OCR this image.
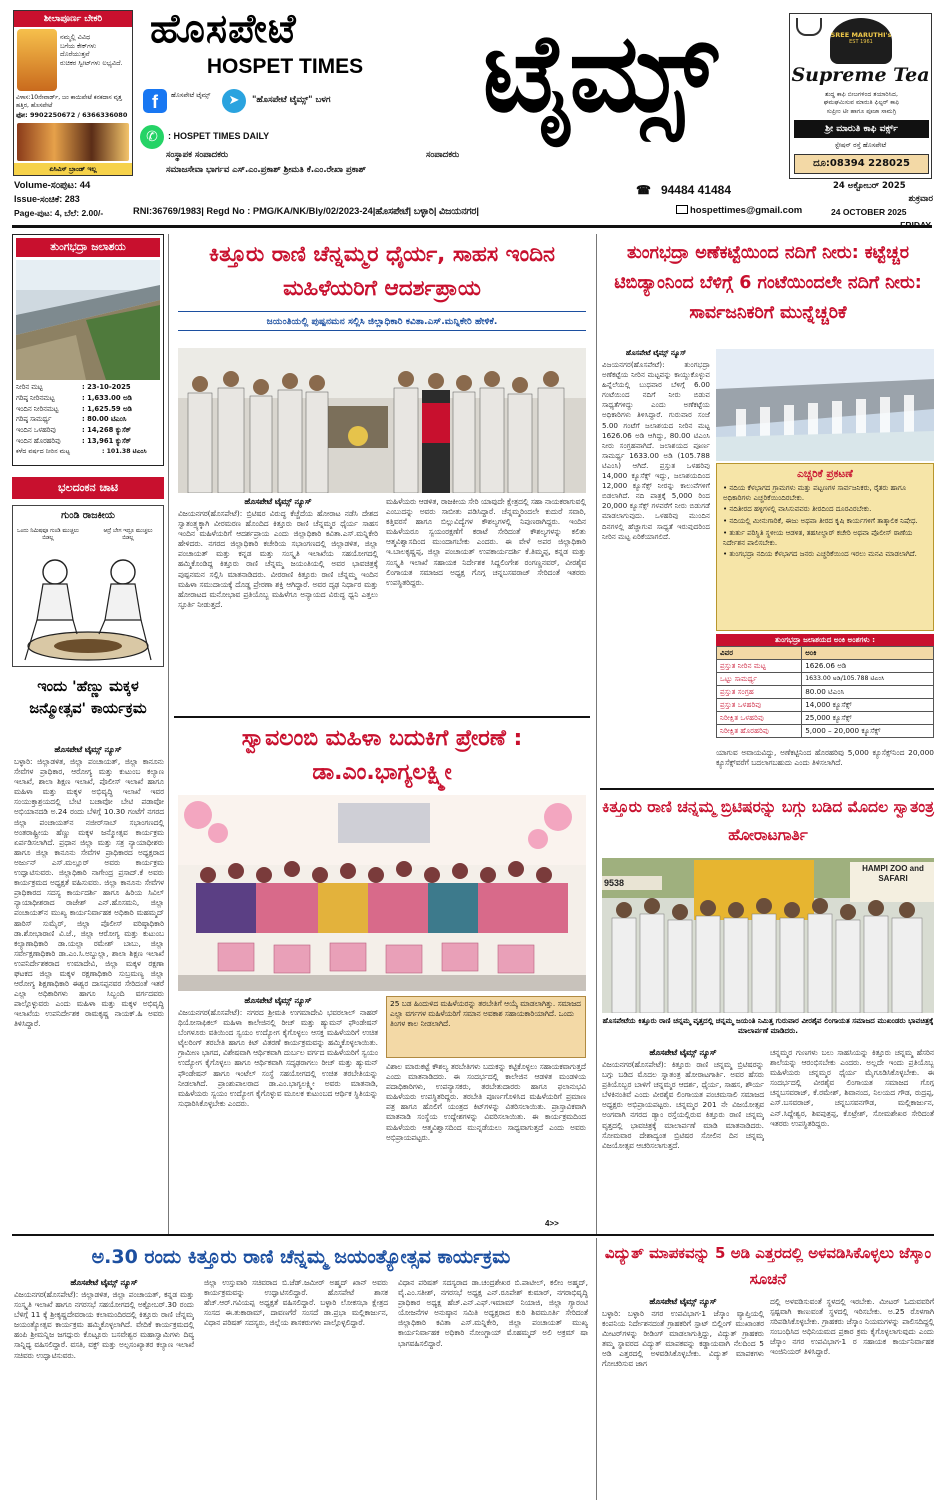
ಶೀಲಾಪೂರ್ಣ ಬೇಕರಿ
ನಮ್ಮಲ್ಲಿ ವಿವಿಧ
ಬಗೆಯ ಕೇಕ್‌ಗಳು
ದೊರೆಯುತ್ತವೆ
ರುಚಿಕರ ಸ್ವೀಟ್‌ಗಳು ಲಭ್ಯವಿದೆ.
ವಿಳಾಸ:10ನೇವಾರ್ಡ್, ಜಂ ಕಾಯಿಪೇಟೆ ಕನಕದಾಸ ವೃತ್ತ ಹತ್ತಿರ, ಹೊಸಪೇಟೆ
ಫೋ: 9902250672 / 6366336080
ಏಸಿವಿಸ್ ಬ್ರಾಂಡ್ ಇಲ್ಲ
ಹೊಸಪೇಟೆ
HOSPET TIMES	ಟೈಮ್ಸ್
f	ಹೊಸಪೇಟೆ ಟೈಮ್ಸ್	➤	"ಹೊಸಪೇಟೆ ಟೈಮ್ಸ್" ಬಳಗ
✆	: HOSPET TIMES DAILY
SREE MARUTHI's
EST 1961
Supreme Tea
ಶುದ್ಧ ಕಾಫಿ ಬೀಜಗಳಿಂದ ತಯಾರಿಸಿದ,
ಘಮಘಮಿಸುವ ಮಾರುತಿ ಫಿಲ್ಟರ್ ಕಾಫಿ
ಸುಪ್ರೀಂ ಟೀ ಹಾಗೂ ಪೂಜಾ ಸಾಮಗ್ರಿ
ಶ್ರೀ ಮಾರುತಿ ಕಾಫಿ ವರ್ಕ್ಸ್
ಸ್ಟೇಷನ್ ರಸ್ತೆ ಹೊಸಪೇಟೆ
ದೂ:08394 228025
ಸಂಸ್ಥಾಪಕ ಸಂಪಾದಕರು	ಸಂಪಾದಕರು
ಸಮಾಜಸೇವಾ ಭಾರ್ಗವ ಎಸ್.ಎಂ.ಪ್ರಕಾಶ್ ಶ್ರೀಮತಿ ಕೆ.ಎಂ.ರೇಖಾ ಪ್ರಕಾಶ್
☎ 94484 41484	24 ಅಕ್ಟೋಬರ್ 2025
ಶುಕ್ರವಾರ
24 OCTOBER 2025
Volume-ಸಂಪುಟ: 44
Issue-ಸಂಚಿಕೆ: 283
Page-ಪುಟ: 4, ಬೆಲೆ: 2.00/-	RNI:36769/1983| Regd No : PMG/KA/NK/Bly/02/2023-24|ಹೊಸಪೇಟೆ| ಬಳ್ಳಾರಿ| ವಿಜಯನಗರ|	hospettimes@gmail.com
ತುಂಗಭದ್ರಾ ಜಲಾಶಯ
ನೀರಿನ ಮಟ್ಟ	: 23-10-2025
ಗರಿಷ್ಠ ನೀರಿನಮಟ್ಟ	: 1,633.00 ಅಡಿ
ಇಂದಿನ ನೀರಿನಮಟ್ಟ	: 1,625.59 ಅಡಿ
ಗರಿಷ್ಠ ಸಾಮರ್ಥ್ಯ	: 80.00 ಟಿಎಂಸಿ
ಇಂದಿನ ಒಳಹರಿವು	: 14,268 ಕ್ಯುಸೆಕ್
ಇಂದಿನ ಹೊರಹರಿವು	: 13,961 ಕ್ಯುಸೆಕ್
ಕಳೆದ ವರ್ಷದ ನೀರಿನ ಮಟ್ಟ	: 101.38 ಟಿಎಂಸಿ
ಭಲದಂಕನ ಚಾಟಿ
ಗುಂಡಿ ರಾಜಕೀಯ
ಒಂದು ನಿಮಿಷವೂ ಗುಂಡಿ ಮುಚ್ಚಲು ಬಿಡಲ್ಲ
ಆದ್ರೆ ಬೇಗ ಇದ್ರೂ ಮುಚ್ಚಲು ಬಿಡಲ್ಲ
ಇಂದು 'ಹೆಣ್ಣು ಮಕ್ಕಳ ಜನ್ಮೋತ್ಸವ' ಕಾರ್ಯಕ್ರಮ
ಹೊಸಪೇಟೆ ಟೈಮ್ಸ್ ನ್ಯೂಸ್
ಬಳ್ಳಾರಿ: ಜಿಲ್ಲಾಡಳಿತ, ಜಿಲ್ಲಾ ಪಂಚಾಯತ್, ಜಿಲ್ಲಾ ಕಾನೂನು ಸೇವೆಗಳ ಪ್ರಾಧಿಕಾರ, ಆರೋಗ್ಯ ಮತ್ತು ಕುಟುಂಬ ಕಲ್ಯಾಣ ಇಲಾಖೆ, ಶಾಲಾ ಶಿಕ್ಷಣ ಇಲಾಖೆ, ಪೊಲೀಸ್ ಇಲಾಖೆ ಹಾಗೂ ಮಹಿಳಾ ಮತ್ತು ಮಕ್ಕಳ ಅಭಿವೃದ್ಧಿ ಇಲಾಖೆ ಇವರ ಸಂಯುಕ್ತಾಶ್ರಯದಲ್ಲಿ ಬೇಟಿ ಬಚಾವೋ ಬೇಟಿ ಪಡಾವೋ ಅಭಿಯಾನದಡಿ ಅ.24 ರಂದು ಬೆಳಿಗ್ಗೆ 10.30 ಗಂಟೆಗೆ ನಗರದ ಜಿಲ್ಲಾ ಪಂಚಾಯತ್‌ನ ನಜೀರ್‌ಸಾಬ್ ಸಭಾಂಗಣದಲ್ಲಿ ಅಂತರಾಷ್ಟ್ರೀಯ ಹೆಣ್ಣು ಮಕ್ಕಳ ಜನ್ಮೋತ್ಸವ ಕಾರ್ಯಕ್ರಮ ಏರ್ಪಡಿಸಲಾಗಿದೆ. ಪ್ರಧಾನ ಜಿಲ್ಲಾ ಮತ್ತು ಸತ್ರ ನ್ಯಾಯಾಧೀಶರು ಹಾಗೂ ಜಿಲ್ಲಾ ಕಾನೂನು ಸೇವೆಗಳ ಪ್ರಾಧಿಕಾರದ ಅಧ್ಯಕ್ಷರಾದ ಅರ್ಜುನ್ ಎಸ್.ಮಲ್ಲೂರ್ ಅವರು ಕಾರ್ಯಕ್ರಮ ಉದ್ಘಾಟಿಸುವರು. ಜಿಲ್ಲಾಧಿಕಾರಿ ನಾಗೇಂದ್ರ ಪ್ರಸಾದ್.ಕೆ ಅವರು ಕಾರ್ಯಕ್ರಮದ ಅಧ್ಯಕ್ಷತೆ ವಹಿಸುವರು. ಜಿಲ್ಲಾ ಕಾನೂನು ಸೇವೆಗಳ ಪ್ರಾಧಿಕಾರದ ಸದಸ್ಯ ಕಾರ್ಯದರ್ಶಿ ಹಾಗೂ ಹಿರಿಯ ಸಿವಿಲ್ ನ್ಯಾಯಾಧೀಶರಾದ ರಾಜೇಶ್ ಎನ್.ಹೊಸಮನಿ, ಜಿಲ್ಲಾ ಪಂಚಾಯತ್‌ನ ಮುಖ್ಯ ಕಾರ್ಯನಿರ್ವಾಹಕ ಅಧಿಕಾರಿ ಮಹಮ್ಮದ್ ಹಾರಿಸ್ ಸುಮೈರ್, ಜಿಲ್ಲಾ ಪೊಲೀಸ್ ವರಿಷ್ಠಾಧಿಕಾರಿ ಡಾ.ಶೋಭಾರಾಣಿ ವಿ.ಜೆ., ಜಿಲ್ಲಾ ಆರೋಗ್ಯ ಮತ್ತು ಕುಟುಂಬ ಕಲ್ಯಾಣಾಧಿಕಾರಿ ಡಾ.ಯಲ್ಲಾ ರಮೇಶ್ ಬಾಬು, ಜಿಲ್ಲಾ ಸರ್ವೇಕ್ಷಣಾಧಿಕಾರಿ ಡಾ.ಎಂ.ಸಿ.ಅಬ್ದುಲ್ಲಾ, ಶಾಲಾ ಶಿಕ್ಷಣ ಇಲಾಖೆ ಉಪನಿರ್ದೇಶಕರಾದ ಉಮಾದೇವಿ, ಜಿಲ್ಲಾ ಮಕ್ಕಳ ರಕ್ಷಣಾ ಘಟಕದ ಜಿಲ್ಲಾ ಮಕ್ಕಳ ರಕ್ಷಣಾಧಿಕಾರಿ ಸುಬ್ರಮಣ್ಯ ಜಿಲ್ಲಾ ಆರೋಗ್ಯ ಶಿಕ್ಷಣಾಧಿಕಾರಿ ಈಶ್ವರ ದಾಸಪ್ಪನವರ ಸೇರಿದಂತೆ ಇತರೆ ಎಲ್ಲಾ ಅಧಿಕಾರಿಗಳು ಹಾಗೂ ಸಿಬ್ಬಂದಿ ವರ್ಗದವರು ಪಾಲ್ಗೊಳ್ಳುವರು ಎಂದು ಮಹಿಳಾ ಮತ್ತು ಮಕ್ಕಳ ಅಭಿವೃದ್ಧಿ ಇಲಾಖೆಯ ಉಪನಿರ್ದೇಶಕ ರಾಮಕೃಷ್ಣ ನಾಯಕ್.ಹಿ ಅವರು ತಿಳಿಸಿದ್ದಾರೆ.
ಕಿತ್ತೂರು ರಾಣಿ ಚೆನ್ನಮ್ಮರ ಧೈರ್ಯ, ಸಾಹಸ ಇಂದಿನ ಮಹಿಳೆಯರಿಗೆ ಆದರ್ಶಪ್ರಾಯ
ಜಯಂತಿಯಲ್ಲಿ ಪುಷ್ಪನಮನ ಸಲ್ಲಿಸಿ ಜಿಲ್ಲಾಧಿಕಾರಿ ಕವಿತಾ.ಎಸ್.ಮನ್ನಿಕೇರಿ ಹೇಳಿಕೆ.
ಹೊಸಪೇಟೆ ಟೈಮ್ಸ್ ನ್ಯೂಸ್
ವಿಜಯನಗರ(ಹೊಸಪೇಟೆ): ಬ್ರಿಟಿಷರ ವಿರುದ್ಧ ಕೆಚ್ಚೆದೆಯ ಹೋರಾಟ ನಡೆಸಿ ದೇಶದ ಸ್ವಾತಂತ್ರ್ಯಕ್ಕಾಗಿ ವೀರಮರಣ ಹೊಂದಿದ ಕಿತ್ತೂರು ರಾಣಿ ಚೆನ್ನಮ್ಮರ ಧೈರ್ಯ ಸಾಹಸ ಇಂದಿನ ಮಹಿಳೆಯರಿಗೆ ಆದರ್ಶಪ್ರಾಯ ಎಂದು ಜಿಲ್ಲಾಧಿಕಾರಿ ಕವಿತಾ.ಎಸ್.ಮನ್ನಿಕೇರಿ ಹೇಳಿದರು. ನಗರದ ಜಿಲ್ಲಾಧಿಕಾರಿ ಕಚೇರಿಯ ಸಭಾಂಗಣದಲ್ಲಿ ಜಿಲ್ಲಾಡಳಿತ, ಜಿಲ್ಲಾ ಪಂಚಾಯತ್ ಮತ್ತು ಕನ್ನಡ ಮತ್ತು ಸಂಸ್ಕೃತಿ ಇಲಾಖೆಯ ಸಹಯೋಗದಲ್ಲಿ ಹಮ್ಮಿಕೊಂಡಿದ್ದ ಕಿತ್ತೂರು ರಾಣಿ ಚೆನ್ನಮ್ಮ ಜಯಂತಿಯಲ್ಲಿ ಅವರ ಭಾವಚಿತ್ರಕ್ಕೆ ಪುಷ್ಪನಮನ ಸಲ್ಲಿಸಿ ಮಾತನಾಡಿದರು. ವೀರರಾಣಿ ಕಿತ್ತೂರು ರಾಣಿ ಚೆನ್ನಮ್ಮ ಇಂದಿನ ಮಹಿಳಾ ಸಮುದಾಯಕ್ಕೆ ದೊಡ್ಡ ಪ್ರೇರಣಾ ಶಕ್ತಿ ಆಗಿದ್ದಾರೆ. ಅವರ ದೃಢ ನಿರ್ಧಾರ ಮತ್ತು ಹೋರಾಟದ ಮನೋಭಾವ ಪ್ರತಿಯೊಬ್ಬ ಮಹಿಳೆಗೂ ಅನ್ಯಾಯದ ವಿರುದ್ಧ ಧ್ವನಿ ಎತ್ತಲು ಸ್ಫೂರ್ತಿ ನೀಡುತ್ತದೆ.
ಮಹಿಳೆಯರು ಆಡಳಿತ, ರಾಜಕೀಯ ಸೇರಿ ಯಾವುದೇ ಕ್ಷೇತ್ರದಲ್ಲಿ ಸಹಾ ನಾಯಕರಾಗುವಲ್ಲಿ ಎಂಬುದನ್ನು ಅವರು ಸಾಬೀತು ಪಡಿಸಿದ್ದಾರೆ. ಚೆನ್ನಮ್ಮರಿಂದಲೇ ಕುದುರೆ ಸವಾರಿ, ಕತ್ತಿವರಸೆ ಹಾಗೂ ಬಿಲ್ಲುವಿದ್ಯೆಗಳ ಕೌಶಲ್ಯಗಳಲ್ಲಿ ನಿಪುಣರಾಗಿದ್ದರು. ಇಂದಿನ ಮಹಿಳೆಯರೂ ಸ್ವಯಂರಕ್ಷಣೆಗೆ ಕರಾಟೆ ಸೇರಿದಂತೆ ಕೌಶಲ್ಯಗಳನ್ನು ಕಲಿತು ಆತ್ಮವಿಶ್ವಾಸದಿಂದ ಮುಂದಾಗಬೇಕು ಎಂದರು. ಈ ವೇಳೆ ಅಪರ ಜಿಲ್ಲಾಧಿಕಾರಿ ಇ.ಬಾಲಕೃಷ್ಣಪ್ಪ, ಜಿಲ್ಲಾ ಪಂಚಾಯತ್ ಉಪಕಾರ್ಯದರ್ಶಿ ಕೆ.ತಿಮ್ಮಪ್ಪ, ಕನ್ನಡ ಮತ್ತು ಸಂಸ್ಕೃತಿ ಇಲಾಖೆ ಸಹಾಯಕ ನಿರ್ದೇಶಕ ಸಿದ್ದಲಿಂಗೇಶ ರಂಗಣ್ಣನವರ್, ವೀರಶೈವ ಲಿಂಗಾಯತ ಸಮಾಜದ ಅಧ್ಯಕ್ಷ ಗೊಗ್ಗ ಚನ್ನಬಸವರಾಜ್ ಸೇರಿದಂತೆ ಇತರರು ಉಪಸ್ಥಿತರಿದ್ದರು.
ಸ್ವಾವಲಂಬಿ ಮಹಿಳಾ ಬದುಕಿಗೆ ಪ್ರೇರಣೆ : ಡಾ.ಎಂ.ಭಾಗ್ಯಲಕ್ಷ್ಮೀ
ಹೊಸಪೇಟೆ ಟೈಮ್ಸ್ ನ್ಯೂಸ್
ವಿಜಯನಗರ(ಹೊಸಪೇಟೆ): ನಗರದ ಶ್ರೀಮತಿ ಉಗಮಾದೇವಿ ಭವರಲಾಲ್ ನಾಹರ್ ಥಿಯೋಸಾಫಿಕಲ್ ಮಹಿಳಾ ಕಾಲೇಜಿನಲ್ಲಿ ರೀಚ್ ಮತ್ತು ಹ್ಯುಮನ್ ಫೌಂಡೇಷನ್ ಬೆಂಗಳೂರು ವತಿಯಿಂದ ಸ್ವಯಂ ಉದ್ಯೋಗ ಕೈಗೊಳ್ಳಲು ಆಸಕ್ತ ಮಹಿಳೆಯರಿಗೆ ಉಚಿತ ಟೈಲರಿಂಗ್ ತರಬೇತಿ ಹಾಗೂ ಕಿಟ್ ವಿತರಣೆ ಕಾರ್ಯಕ್ರಮವನ್ನು ಹಮ್ಮಿಕೊಳ್ಳಲಾಯಿತು. ಗ್ರಾಮೀಣ ಭಾಗದ, ವಿಶೇಷವಾಗಿ ಆರ್ಥಿಕವಾಗಿ ದುರ್ಬಲ ವರ್ಗದ ಮಹಿಳೆಯರಿಗೆ ಸ್ವಯಂ ಉದ್ಯೋಗ ಕೈಗೊಳ್ಳಲು ಹಾಗೂ ಆರ್ಥಿಕವಾಗಿ ಸದೃಢರಾಗಲು ರೀಚ್ ಮತ್ತು ಹ್ಯುಮನ್ ಫೌಂಡೇಷನ್ ಹಾಗೂ ಇಂಟೆಲ್ ಸಂಸ್ಥೆ ಸಹಯೋಗದಲ್ಲಿ ಉಚಿತ ತರಬೇತಿಯನ್ನು ನೀಡಲಾಗಿದೆ. ಪ್ರಾಂಶುಪಾಲರಾದ ಡಾ.ಎಂ.ಭಾಗ್ಯಲಕ್ಷ್ಮೀ ಅವರು ಮಾತನಾಡಿ, ಮಹಿಳೆಯರು ಸ್ವಯಂ ಉದ್ಯೋಗ ಕೈಗೊಳ್ಳುವ ಮೂಲಕ ಕುಟುಂಬದ ಆರ್ಥಿಕ ಸ್ಥಿತಿಯನ್ನು ಸುಧಾರಿಸಿಕೊಳ್ಳಬೇಕು ಎಂದರು.
25 ಬಡ ಹಿಂದುಳಿದ ಮಹಿಳೆಯರನ್ನು ತರಬೇತಿಗೆ ಆಯ್ಕೆ ಮಾಡಲಾಗಿತ್ತು. ಸಮಾಜದ ಎಲ್ಲಾ ವರ್ಗಗಳ ಮಹಿಳೆಯರಿಗೆ ಸಮಾನ ಅವಕಾಶ ಸಹಾಯಕಾರಿಯಾಗಿದೆ. ಒಂದು ತಿಂಗಳ ಕಾಲ ನೀಡಲಾಗಿದೆ.
ವಿಶಾಲ ಮಾರುಕಟ್ಟೆ ಕೌಶಲ್ಯ ತರಬೇತಿಗಳು ಬದುಕನ್ನು ಕಟ್ಟಿಕೊಳ್ಳಲು ಸಹಾಯಕವಾಗುತ್ತದೆ ಎಂದು ಮಾತನಾಡಿದರು. ಈ ಸಂದರ್ಭದಲ್ಲಿ ಕಾಲೇಜಿನ ಆಡಳಿತ ಮಂಡಳಿಯ ಪದಾಧಿಕಾರಿಗಳು, ಉಪನ್ಯಾಸಕರು, ತರಬೇತುದಾರರು ಹಾಗೂ ಫಲಾನುಭವಿ ಮಹಿಳೆಯರು ಉಪಸ್ಥಿತರಿದ್ದರು. ತರಬೇತಿ ಪೂರ್ಣಗೊಳಿಸಿದ ಮಹಿಳೆಯರಿಗೆ ಪ್ರಮಾಣ ಪತ್ರ ಹಾಗೂ ಹೊಲಿಗೆ ಯಂತ್ರದ ಕಿಟ್‌ಗಳನ್ನು ವಿತರಿಸಲಾಯಿತು. ಪ್ರಾಸ್ತಾವಿಕವಾಗಿ ಮಾತನಾಡಿ ಸಂಸ್ಥೆಯ ಉದ್ದೇಶಗಳನ್ನು ವಿವರಿಸಲಾಯಿತು. ಈ ಕಾರ್ಯಕ್ರಮದಿಂದ ಮಹಿಳೆಯರು ಆತ್ಮವಿಶ್ವಾಸದಿಂದ ಮುನ್ನಡೆಯಲು ಸಾಧ್ಯವಾಗುತ್ತದೆ ಎಂದು ಅವರು ಅಭಿಪ್ರಾಯಪಟ್ಟರು.
4>>
ತುಂಗಭದ್ರಾ ಅಣೆಕಟ್ಟೆಯಿಂದ ನದಿಗೆ ನೀರು: ಕಟ್ಟೆಚ್ಚರ ಟಿಬಿಡ್ಯಾಂನಿಂದ ಬೆಳಿಗ್ಗೆ 6 ಗಂಟೆಯಿಂದಲೇ ನದಿಗೆ ನೀರು: ಸಾರ್ವಜನಿಕರಿಗೆ ಮುನ್ನೆಚ್ಚರಿಕೆ
ಹೊಸಪೇಟೆ ಟೈಮ್ಸ್ ನ್ಯೂಸ್
ವಿಜಯನಗರ(ಹೊಸಪೇಟೆ): ತುಂಗಭದ್ರಾ ಅಣೆಕಟ್ಟೆಯ ನೀರಿನ ಮಟ್ಟವನ್ನು ಕಾಯ್ದುಕೊಳ್ಳುವ ಹಿನ್ನೆಲೆಯಲ್ಲಿ ಬುಧವಾರ ಬೆಳಿಗ್ಗೆ 6.00 ಗಂಟೆಯಿಂದ ನದಿಗೆ ನೀರು ಬಿಡುವ ಸಾಧ್ಯತೆಗಳಿದ್ದು ಎಂದು ಅಣೆಕಟ್ಟೆಯ ಅಧಿಕಾರಿಗಳು ತಿಳಿಸಿದ್ದಾರೆ. ಗುರುವಾರ ಸಂಜೆ 5.00 ಗಂಟೆಗೆ ಜಲಾಶಯದ ನೀರಿನ ಮಟ್ಟ 1626.06 ಅಡಿ ಆಗಿದ್ದು, 80.00 ಟಿಎಂಸಿ ನೀರು ಸಂಗ್ರಹವಾಗಿದೆ. ಜಲಾಶಯದ ಪೂರ್ಣ ಸಾಮರ್ಥ್ಯ 1633.00 ಅಡಿ (105.788 ಟಿಎಂಸಿ) ಆಗಿದೆ. ಪ್ರಸ್ತುತ ಒಳಹರಿವು 14,000 ಕ್ಯೂಸೆಕ್ಸ್ ಇದ್ದು, ಜಲಾಶಯದಿಂದ 12,000 ಕ್ಯೂಸೆಕ್ಸ್ ನೀರನ್ನು ಕಾಲುವೆಗಳಿಗೆ ಬಿಡಲಾಗಿದೆ. ನದಿ ಪಾತ್ರಕ್ಕೆ 5,000 ರಿಂದ 20,000 ಕ್ಯೂಸೆಕ್ಸ್ ಗಳವರೆಗೆ ನೀರು ಬಿಡುಗಡೆ ಮಾಡಲಾಗುವುದು. ಒಳಹರಿವು ಮುಂದಿನ ದಿನಗಳಲ್ಲಿ ಹೆಚ್ಚಾಗುವ ಸಾಧ್ಯತೆ ಇರುವುದರಿಂದ ನೀರಿನ ಮಟ್ಟ ಏರಿಕೆಯಾಗಲಿದೆ.
ಎಚ್ಚರಿಕೆ ಪ್ರಕಟಣೆ
• ನದಿಯ ಕೆಳಭಾಗದ ಗ್ರಾಮಗಳು ಮತ್ತು ಪಟ್ಟಣಗಳ ಸಾರ್ವಜನಿಕರು, ರೈತರು ಹಾಗೂ ಅಧಿಕಾರಿಗಳು ಎಚ್ಚರಿಕೆಯಿಂದಿರಬೇಕು.
• ನದಿತೀರದ ಹಳ್ಳಿಗಳಲ್ಲಿ ವಾಸಿಸುವವರು ತೀರದಿಂದ ದೂರವಿರಬೇಕು.
• ನದಿಯಲ್ಲಿ ಮೀನುಗಾರಿಕೆ, ಈಜು ಅಥವಾ ತೀರದ ಕೃಷಿ ಕಾರ್ಯಗಳಿಗೆ ತಾತ್ಕಾಲಿಕ ನಿಷೇಧ.
• ತುರ್ತು ಪರಿಸ್ಥಿತಿ ಸ್ಥಳೀಯ ಆಡಳಿತ, ತಹಸೀಲ್ದಾರ್ ಕಚೇರಿ ಅಥವಾ ಪೊಲೀಸ್ ಠಾಣೆಯ ನಿರ್ದೇಶನ ಪಾಲಿಸಬೇಕು.
• ತುಂಗಭದ್ರಾ ನದಿಯ ಕೆಳಭಾಗದ ಜನರು ಎಚ್ಚರಿಕೆಯಿಂದ ಇರಲು ಮನವಿ ಮಾಡಲಾಗಿದೆ.
ತುಂಗಭದ್ರಾ ಜಲಾಶಯದ ಅಂಕಿ ಅಂಶಗಳು :
ವಿವರ	ಅಂಕಿ
ಪ್ರಸ್ತುತ ನೀರಿನ ಮಟ್ಟ	1626.06 ಅಡಿ
ಒಟ್ಟು ಸಾಮರ್ಥ್ಯ	1633.00 ಅಡಿ/105.788 ಟಿಎಂಸಿ
ಪ್ರಸ್ತುತ ಸಂಗ್ರಹ	80.00 ಟಿಎಂಸಿ
ಪ್ರಸ್ತುತ ಒಳಹರಿವು	14,000 ಕ್ಯೂಸೆಕ್ಸ್
ನಿರೀಕ್ಷಿತ ಒಳಹರಿವು	25,000 ಕ್ಯೂಸೆಕ್ಸ್
ನಿರೀಕ್ಷಿತ ಹೊರಹರಿವು	5,000 – 20,000 ಕ್ಯೂಸೆಕ್ಸ್
ಯಾಗುವ ಅವಾಯವಿದ್ದು, ಅಣೆಕಟ್ಟಿನಿಂದ ಹೊರಹರಿವು 5,000 ಕ್ಯೂಸೆಕ್ಸ್‌ನಿಂದ 20,000 ಕ್ಯೂಸೆಕ್ಸ್‌ವರೆಗೆ ಬದಲಾಗಬಹುದು ಎಂದು ತಿಳಿಸಲಾಗಿದೆ.
ಕಿತ್ತೂರು ರಾಣಿ ಚನ್ನಮ್ಮ ಬ್ರಿಟಿಷರನ್ನು ಬಗ್ಗು ಬಡಿದ ಮೊದಲ ಸ್ವಾತಂತ್ರ ಹೋರಾಟಗಾರ್ತಿ
9538
HAMPI ZOO and SAFARI
ಹೊಸಪೇಟೆಯ ಕಿತ್ತೂರು ರಾಣಿ ಚನ್ನಮ್ಮ ವೃತ್ತದಲ್ಲಿ ಚನ್ನಮ್ಮ ಜಯಂತಿ ನಿಮಿತ್ತ ಗುರುವಾರ ವೀರಶೈವ ಲಿಂಗಾಯತ ಸಮಾಜದ ಮುಖಂಡರು ಭಾವಚಿತ್ರಕ್ಕೆ ಮಾಲಾರ್ಪಣೆ ಮಾಡಿದರು.
ಹೊಸಪೇಟೆ ಟೈಮ್ಸ್ ನ್ಯೂಸ್
ವಿಜಯನಗರ(ಹೊಸಪೇಟೆ): ಕಿತ್ತೂರು ರಾಣಿ ಚನ್ನಮ್ಮ ಬ್ರಿಟಿಷರನ್ನು ಬಗ್ಗು ಬಡಿದ ಮೊದಲ ಸ್ವಾತಂತ್ರ ಹೋರಾಟಗಾರ್ತಿ. ಅವರ ಹೆಸರು ಪ್ರತಿಯೊಬ್ಬರ ಬಾಳಿಗೆ ಚನ್ನಮ್ಮರ ಆದರ್ಶ, ಧೈರ್ಯ, ಸಾಹಸ, ಶೌರ್ಯ ಬೆಳಕಿನಂತಿವೆ ಎಂದು ವೀರಶೈವ ಲಿಂಗಾಯತ ಪಂಚಮಸಾಲಿ ಸಮಾಜದ ಅಧ್ಯಕ್ಷರು ಅಭಿಪ್ರಾಯಪಟ್ಟರು. ಚನ್ನಮ್ಮರ 201 ನೇ ವಿಜಯೋತ್ಸವ ಅಂಗವಾಗಿ ನಗರದ ಡ್ಯಾಂ ರಸ್ತೆಯಲ್ಲಿರುವ ಕಿತ್ತೂರು ರಾಣಿ ಚನ್ನಮ್ಮ ವೃತ್ತದಲ್ಲಿ ಭಾವಚಿತ್ರಕ್ಕೆ ಮಾಲಾರ್ಪಣೆ ಮಾಡಿ ಮಾತನಾಡಿದರು. ಸೋಮವಾರ ದೇಶಾದ್ಯಂತ ಬ್ರಿಟಿಷರ ಸೋಲಿನ ದಿನ ಚನ್ನಮ್ಮ ವಿಜಯೋತ್ಸವ ಆಚರಿಸಲಾಗುತ್ತದೆ.
ಚನ್ನಮ್ಮರ ಗುಣಗಳು ಬಲು ಸಾಹಸಿಯನ್ನು ಕಿತ್ತೂರು ಚನ್ನಮ್ಮ ಹೆಸರಿನ ಶಾಲೆಯನ್ನು ಆರಂಭಿಸಬೇಕು ಎಂದರು. ಅಲ್ಲದೇ ಇಂದು ಪ್ರತಿಯೊಬ್ಬ ಮಹಿಳೆಯರು ಚನ್ನಮ್ಮರ ಧೈರ್ಯ ಮೈಗೂಡಿಸಿಕೊಳ್ಳಬೇಕು. ಈ ಸಂದರ್ಭದಲ್ಲಿ ವೀರಶೈವ ಲಿಂಗಾಯತ ಸಮಾಜದ ಗೊಗ್ಗ ಚನ್ನಬಸವರಾಜ್, ಕೆ.ರಮೇಶ್, ಶಿವಾನಂದ, ನಿಲಯದ ಗೌಡ, ರುದ್ರಪ್ಪ, ಎಸ್.ಬಸವರಾಜ್, ಚನ್ನಬಸವನಗೌಡ, ಮಲ್ಲಿಕಾರ್ಜುನ, ಎನ್.ಸಿದ್ದೇಶ್ವರ, ಶಿವಪುತ್ರಪ್ಪ, ಕೊಟ್ರೇಶ್, ಸೋಮಶೇಖರ ಸೇರಿದಂತೆ ಇತರರು ಉಪಸ್ಥಿತರಿದ್ದರು.
ಅ.30 ರಂದು ಕಿತ್ತೂರು ರಾಣಿ ಚೆನ್ನಮ್ಮ ಜಯಂತ್ಯೋತ್ಸವ ಕಾರ್ಯಕ್ರಮ
ಹೊಸಪೇಟೆ ಟೈಮ್ಸ್ ನ್ಯೂಸ್
ವಿಜಯನಗರ(ಹೊಸಪೇಟೆ): ಜಿಲ್ಲಾಡಳಿತ, ಜಿಲ್ಲಾ ಪಂಚಾಯತ್, ಕನ್ನಡ ಮತ್ತು ಸಂಸ್ಕೃತಿ ಇಲಾಖೆ ಹಾಗೂ ನಗರಸಭೆ ಸಹಯೋಗದಲ್ಲಿ ಅಕ್ಟೋಬರ್.30 ರಂದು ಬೆಳಿಗ್ಗೆ 11 ಕ್ಕೆ ಶ್ರೀಕೃಷ್ಣದೇವರಾಯ ಕಲಾಮಂದಿರದಲ್ಲಿ ಕಿತ್ತೂರು ರಾಣಿ ಚೆನ್ನಮ್ಮ ಜಯಂತ್ಯೋತ್ಸವ ಕಾರ್ಯಕ್ರಮ ಹಮ್ಮಿಕೊಳ್ಳಲಾಗಿದೆ. ವೇದಿಕೆ ಕಾರ್ಯಕ್ರಮದಲ್ಲಿ ಹಂಪಿ ಶ್ರೀಮನ್ನಿಜ ಜಗದ್ಗುರು ಕೊಟ್ಟೂರು ಬಸವೇಶ್ವರ ಮಹಾಸ್ವಾಮಿಗಳು ದಿವ್ಯ ಸಾನ್ನಿಧ್ಯ ವಹಿಸಲಿದ್ದಾರೆ. ವಸತಿ, ವಕ್ಫ್ ಮತ್ತು ಅಲ್ಪಸಂಖ್ಯಾತರ ಕಲ್ಯಾಣ ಇಲಾಖೆ ಸಚಿವರು ಉದ್ಘಾಟಿಸುವರು.
ಜಿಲ್ಲಾ ಉಸ್ತುವಾರಿ ಸಚಿವರಾದ ಬಿ.ಜೆಡ್.ಜಮೀರ್ ಅಹ್ಮದ್ ಖಾನ್ ಅವರು ಕಾರ್ಯಕ್ರಮವನ್ನು ಉದ್ಘಾಟಿಸಲಿದ್ದಾರೆ. ಹೊಸಪೇಟೆ ಶಾಸಕ ಹೆಚ್.ಆರ್.ಗವಿಯಪ್ಪ ಅಧ್ಯಕ್ಷತೆ ವಹಿಸಲಿದ್ದಾರೆ. ಬಳ್ಳಾರಿ ಲೋಕಸಭಾ ಕ್ಷೇತ್ರದ ಸಂಸದ ಈ.ತುಕಾರಾಮ್, ದಾವಣಗೆರೆ ಸಂಸದೆ ಡಾ.ಪ್ರಭಾ ಮಲ್ಲಿಕಾರ್ಜುನ, ವಿಧಾನ ಪರಿಷತ್ ಸದಸ್ಯರು, ಜಿಲ್ಲೆಯ ಶಾಸಕರುಗಳು ಪಾಲ್ಗೊಳ್ಳಲಿದ್ದಾರೆ.
ವಿಧಾನ ಪರಿಷತ್ ಸದಸ್ಯರಾದ ಡಾ.ಚಂದ್ರಶೇಖರ ಬಿ.ಪಾಟೀಲ್, ಕಲೀಂ ಅಹ್ಮದ್, ವೈ.ಎಂ.ಸತೀಶ್, ನಗರಸಭೆ ಅಧ್ಯಕ್ಷ ಎನ್.ರೂಪೇಶ್ ಕುಮಾರ್, ನಗರಾಭಿವೃದ್ಧಿ ಪ್ರಾಧಿಕಾರ ಅಧ್ಯಕ್ಷ ಹೆಚ್.ಎನ್.ಎಫ್.ಇಮಾಮ್ ನಿಯಾಜಿ, ಜಿಲ್ಲಾ ಗ್ಯಾರಂಟಿ ಯೋಜನೆಗಳ ಅನುಷ್ಠಾನ ಸಮಿತಿ ಅಧ್ಯಕ್ಷರಾದ ಕುರಿ ಶಿವಮೂರ್ತಿ ಸೇರಿದಂತೆ ಜಿಲ್ಲಾಧಿಕಾರಿ ಕವಿತಾ ಎಸ್.ಮನ್ನಿಕೇರಿ, ಜಿಲ್ಲಾ ಪಂಚಾಯತ್ ಮುಖ್ಯ ಕಾರ್ಯನಿರ್ವಾಹಕ ಅಧಿಕಾರಿ ನೋಂಗ್ಜಾಯ್ ಮೊಹಮ್ಮದ್ ಅಲಿ ಅಕ್ರಮ್ ಷಾ ಭಾಗವಹಿಸಲಿದ್ದಾರೆ.
ವಿದ್ಯುತ್ ಮಾಪಕವನ್ನು 5 ಅಡಿ ಎತ್ತರದಲ್ಲಿ ಅಳವಡಿಸಿಕೊಳ್ಳಲು ಜೆಸ್ಕಾಂ ಸೂಚನೆ
ಹೊಸಪೇಟೆ ಟೈಮ್ಸ್ ನ್ಯೂಸ್
ಬಳ್ಳಾರಿ: ಬಳ್ಳಾರಿ ನಗರ ಉಪವಿಭಾಗ-1 ಜೆಸ್ಕಾಂ ವ್ಯಾಪ್ತಿಯಲ್ಲಿ ಕಂಪನಿಯ ನಿರ್ದೇಶನದಂತೆ ಗ್ರಾಹಕರಿಗೆ ಸ್ಪಾಟ್ ಬಿಲ್ಲಿಂಗ್ ಮುಖಾಂತರ ಮೀಟರ್‌ಗಳನ್ನು ರೀಡಿಂಗ್ ಮಾಡಲಾಗುತ್ತಿದ್ದು, ವಿದ್ಯುತ್ ಗ್ರಾಹಕರು ತಮ್ಮ ಸ್ಥಾವರದ ವಿದ್ಯುತ್ ಮಾಪಕವನ್ನು ಕಡ್ಡಾಯವಾಗಿ ನೆಲದಿಂದ 5 ಅಡಿ ಎತ್ತರದಲ್ಲಿ ಅಳವಡಿಸಿಕೊಳ್ಳಬೇಕು. ವಿದ್ಯುತ್ ಮಾಪಕಗಳು ಗೋಚರಿಸುವ ಜಾಗ
ದಲ್ಲಿ ಅಳವಡಿಸುವಂತೆ ಸ್ಥಳದಲ್ಲಿ ಇರಬೇಕು. ಮೀಟರ್ ಓದುವವರಿಗೆ ಸ್ಪಷ್ಟವಾಗಿ ಕಾಣುವಂತೆ ಸ್ಥಳದಲ್ಲಿ ಇರಿಸಬೇಕು. ಅ.25 ರೊಳಗಾಗಿ ಸರಿಪಡಿಸಿಕೊಳ್ಳಬೇಕು. ಗ್ರಾಹಕರು ಜೆಸ್ಕಾಂ ನಿಯಮಗಳನ್ನು ಪಾಲಿಸದಿದ್ದಲ್ಲಿ ಸಂಬಂಧಿಸಿದ ಅಧಿನಿಯಮದ ಪ್ರಕಾರ ಕ್ರಮ ಕೈಗೊಳ್ಳಲಾಗುವುದು ಎಂದು ಜೆಸ್ಕಾಂ ನಗರ ಉಪವಿಭಾಗ-1 ರ ಸಹಾಯಕ ಕಾರ್ಯನಿರ್ವಾಹಕ ಇಂಜಿನಿಯರ್ ತಿಳಿಸಿದ್ದಾರೆ.
